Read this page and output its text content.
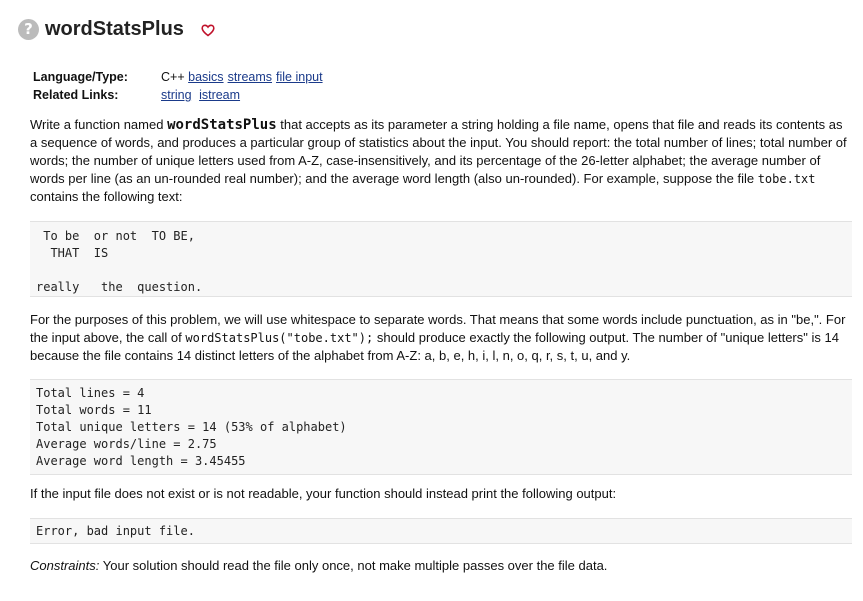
? wordStatsPlus
Language/Type:	C++ basics streams file input
Related Links:	string istream

Write a function named wordStatsPlus that accepts as its parameter a string holding a file name, opens that file and reads its contents as a sequence of words, and produces a particular group of statistics about the input. You should report: the total number of lines; total number of words; the number of unique letters used from A-Z, case-insensitively, and its percentage of the 26-letter alphabet; the average number of words per line (as an un-rounded real number); and the average word length (also un-rounded). For example, suppose the file tobe.txt contains the following text:

To be  or not  TO BE,
THAT  IS

really   the  question.

For the purposes of this problem, we will use whitespace to separate words. That means that some words include punctuation, as in "be,". For the input above, the call of wordStatsPlus("tobe.txt"); should produce exactly the following output. The number of "unique letters" is 14 because the file contains 14 distinct letters of the alphabet from A-Z: a, b, e, h, i, l, n, o, q, r, s, t, u, and y.

Total lines = 4
Total words = 11
Total unique letters = 14 (53% of alphabet)
Average words/line = 2.75
Average word length = 3.45455

If the input file does not exist or is not readable, your function should instead print the following output:

Error, bad input file.

Constraints: Your solution should read the file only once, not make multiple passes over the file data.
